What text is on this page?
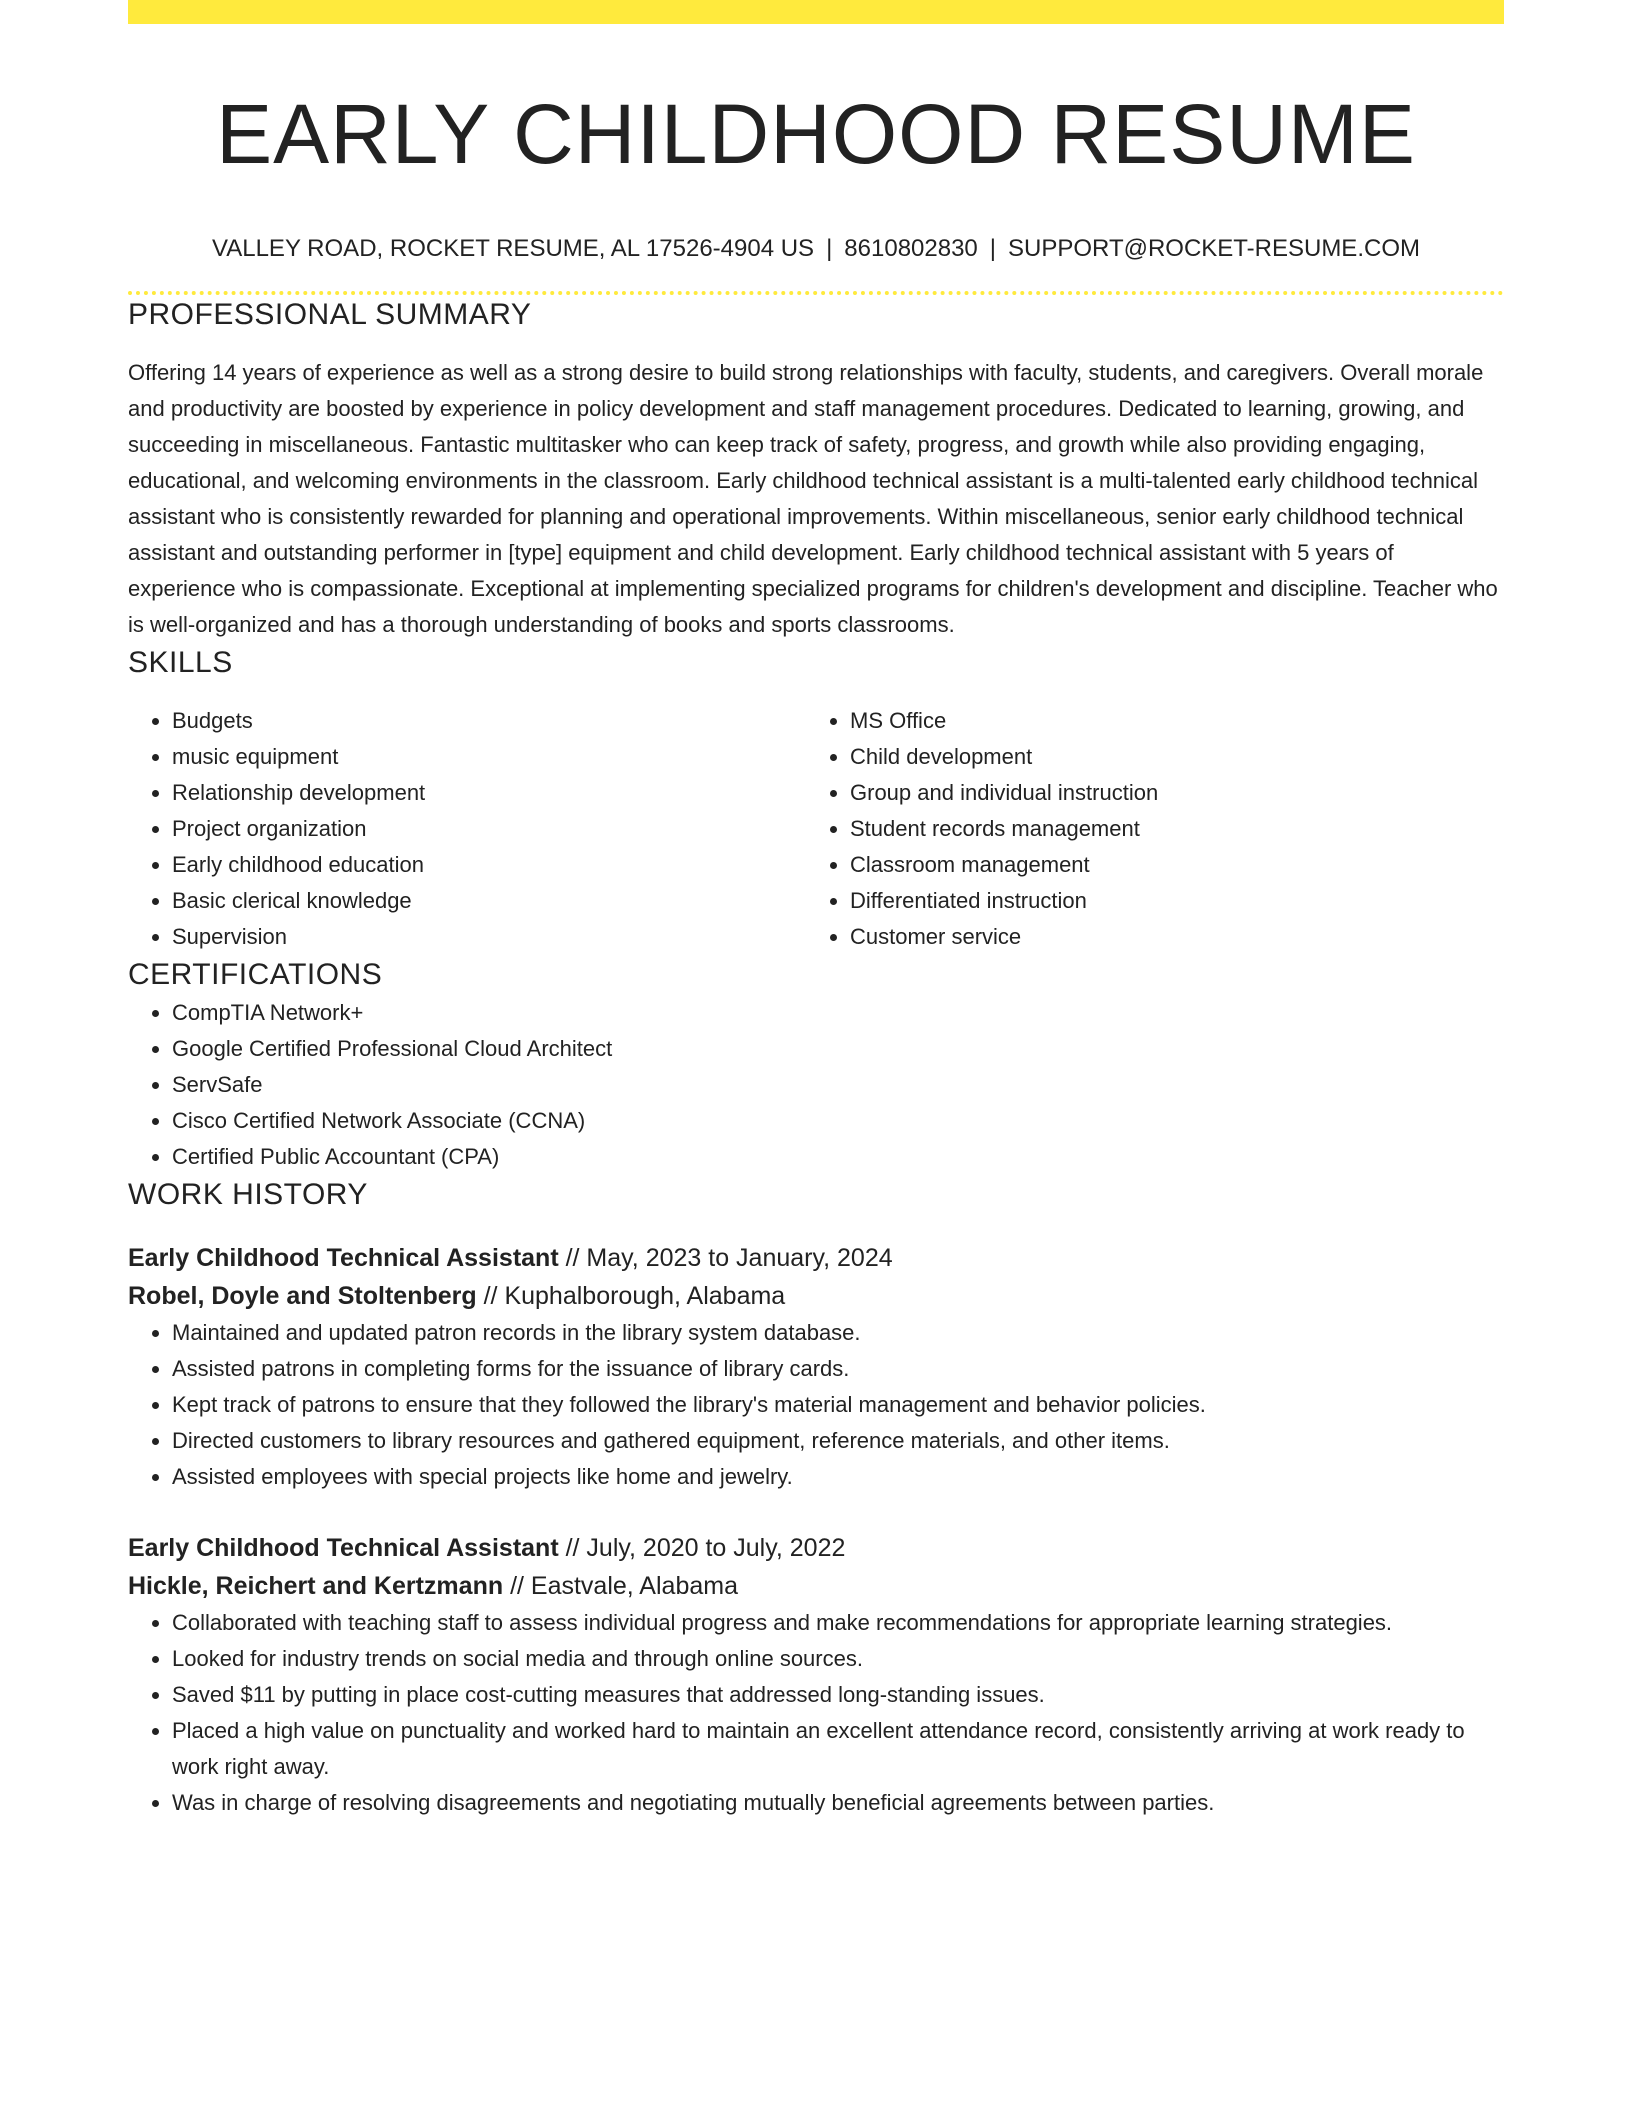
EARLY CHILDHOOD RESUME
VALLEY ROAD, ROCKET RESUME, AL 17526-4904 US | 8610802830 | SUPPORT@ROCKET-RESUME.COM
PROFESSIONAL SUMMARY
Offering 14 years of experience as well as a strong desire to build strong relationships with faculty, students, and caregivers. Overall morale and productivity are boosted by experience in policy development and staff management procedures. Dedicated to learning, growing, and succeeding in miscellaneous. Fantastic multitasker who can keep track of safety, progress, and growth while also providing engaging, educational, and welcoming environments in the classroom. Early childhood technical assistant is a multi-talented early childhood technical assistant who is consistently rewarded for planning and operational improvements. Within miscellaneous, senior early childhood technical assistant and outstanding performer in [type] equipment and child development. Early childhood technical assistant with 5 years of experience who is compassionate. Exceptional at implementing specialized programs for children's development and discipline. Teacher who is well-organized and has a thorough understanding of books and sports classrooms.
SKILLS
• Budgets
• music equipment
• Relationship development
• Project organization
• Early childhood education
• Basic clerical knowledge
• Supervision
• MS Office
• Child development
• Group and individual instruction
• Student records management
• Classroom management
• Differentiated instruction
• Customer service
CERTIFICATIONS
• CompTIA Network+
• Google Certified Professional Cloud Architect
• ServSafe
• Cisco Certified Network Associate (CCNA)
• Certified Public Accountant (CPA)
WORK HISTORY
Early Childhood Technical Assistant // May, 2023 to January, 2024
Robel, Doyle and Stoltenberg // Kuphalborough, Alabama
• Maintained and updated patron records in the library system database.
• Assisted patrons in completing forms for the issuance of library cards.
• Kept track of patrons to ensure that they followed the library's material management and behavior policies.
• Directed customers to library resources and gathered equipment, reference materials, and other items.
• Assisted employees with special projects like home and jewelry.
Early Childhood Technical Assistant // July, 2020 to July, 2022
Hickle, Reichert and Kertzmann // Eastvale, Alabama
• Collaborated with teaching staff to assess individual progress and make recommendations for appropriate learning strategies.
• Looked for industry trends on social media and through online sources.
• Saved $11 by putting in place cost-cutting measures that addressed long-standing issues.
• Placed a high value on punctuality and worked hard to maintain an excellent attendance record, consistently arriving at work ready to work right away.
• Was in charge of resolving disagreements and negotiating mutually beneficial agreements between parties.
